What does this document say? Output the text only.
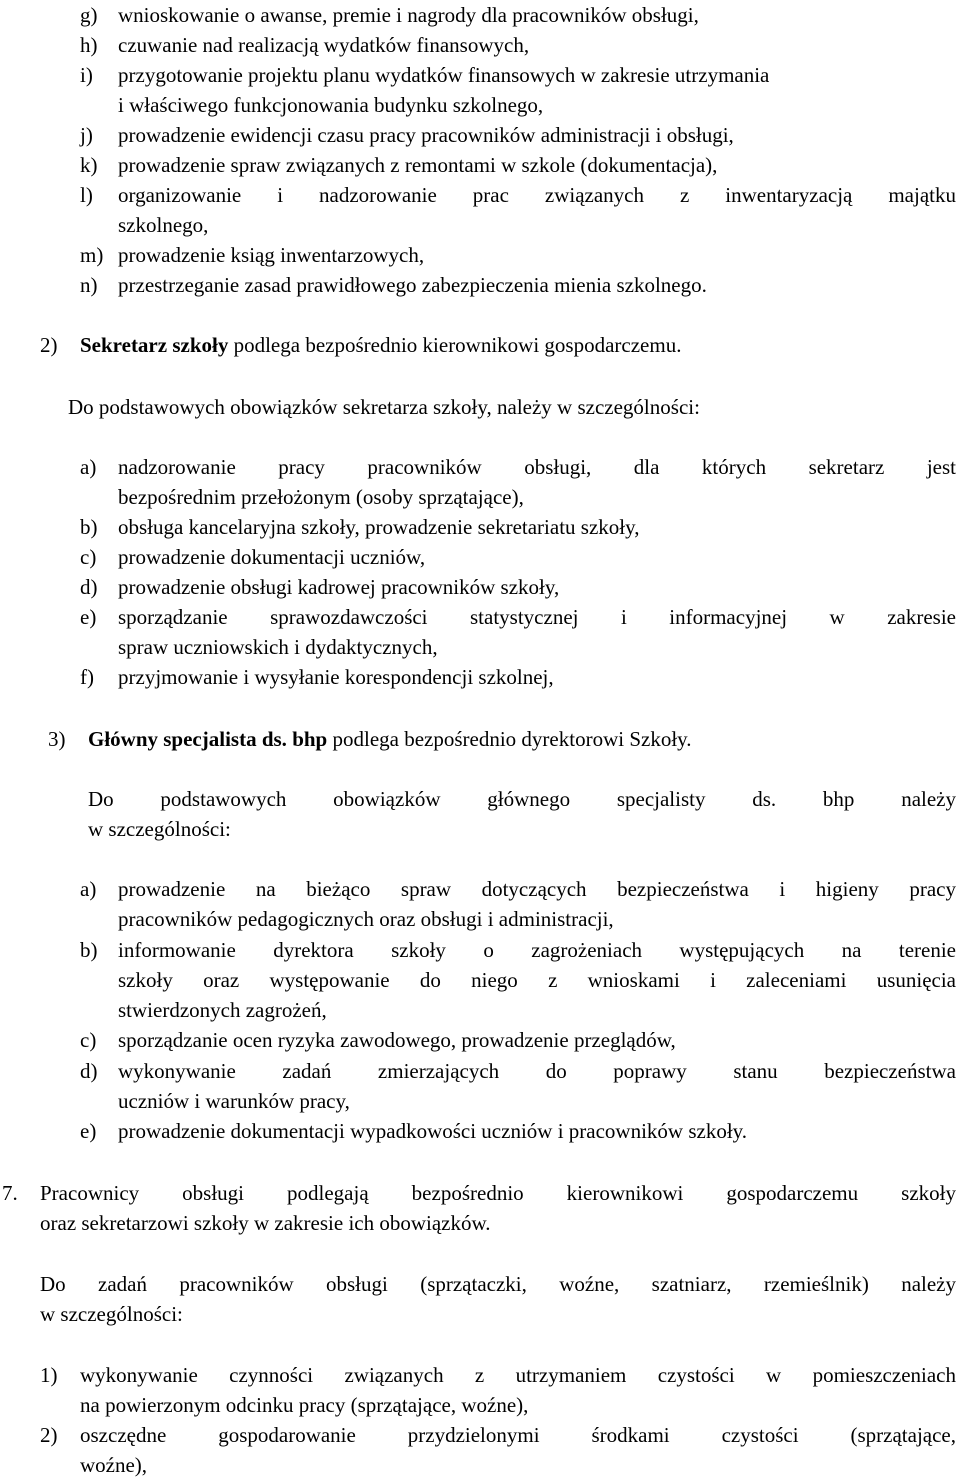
g) wnioskowanie o awanse, premie i nagrody dla pracowników obsługi,
h) czuwanie nad realizacją wydatków finansowych,
i) przygotowanie projektu planu wydatków finansowych w zakresie utrzymania
i właściwego funkcjonowania budynku szkolnego,
j) prowadzenie ewidencji czasu pracy pracowników administracji i obsługi,
k) prowadzenie spraw związanych z remontami w szkole (dokumentacja),
l) organizowanie i nadzorowanie prac związanych z inwentaryzacją majątku
szkolnego,
m) prowadzenie ksiąg inwentarzowych,
n) przestrzeganie zasad prawidłowego zabezpieczenia mienia szkolnego.
2) Sekretarz szkoły podlega bezpośrednio kierownikowi gospodarczemu.
Do podstawowych obowiązków sekretarza szkoły, należy w szczególności:
a) nadzorowanie pracy pracowników obsługi, dla których sekretarz jest
bezpośrednim przełożonym (osoby sprzątające),
b) obsługa kancelaryjna szkoły, prowadzenie sekretariatu szkoły,
c) prowadzenie dokumentacji uczniów,
d) prowadzenie obsługi kadrowej pracowników szkoły,
e) sporządzanie sprawozdawczości statystycznej i informacyjnej w zakresie
spraw uczniowskich i dydaktycznych,
f) przyjmowanie i wysyłanie korespondencji szkolnej,
3) Główny specjalista ds. bhp podlega bezpośrednio dyrektorowi Szkoły.
Do podstawowych obowiązków głównego specjalisty ds. bhp należy
w szczególności:
a) prowadzenie na bieżąco spraw dotyczących bezpieczeństwa i higieny pracy
pracowników pedagogicznych oraz obsługi i administracji,
b) informowanie dyrektora szkoły o zagrożeniach występujących na terenie
szkoły oraz występowanie do niego z wnioskami i zaleceniami usunięcia
stwierdzonych zagrożeń,
c) sporządzanie ocen ryzyka zawodowego, prowadzenie przeglądów,
d) wykonywanie zadań zmierzających do poprawy stanu bezpieczeństwa
uczniów i warunków pracy,
e) prowadzenie dokumentacji wypadkowości uczniów i pracowników szkoły.
7. Pracownicy obsługi podlegają bezpośrednio kierownikowi gospodarczemu szkoły
oraz sekretarzowi szkoły w zakresie ich obowiązków.
Do zadań pracowników obsługi (sprzątaczki, woźne, szatniarz, rzemieślnik) należy
w szczególności:
1) wykonywanie czynności związanych z utrzymaniem czystości w pomieszczeniach
na powierzonym odcinku pracy (sprzątające, woźne),
2) oszczędne gospodarowanie przydzielonymi środkami czystości (sprzątające,
woźne),
